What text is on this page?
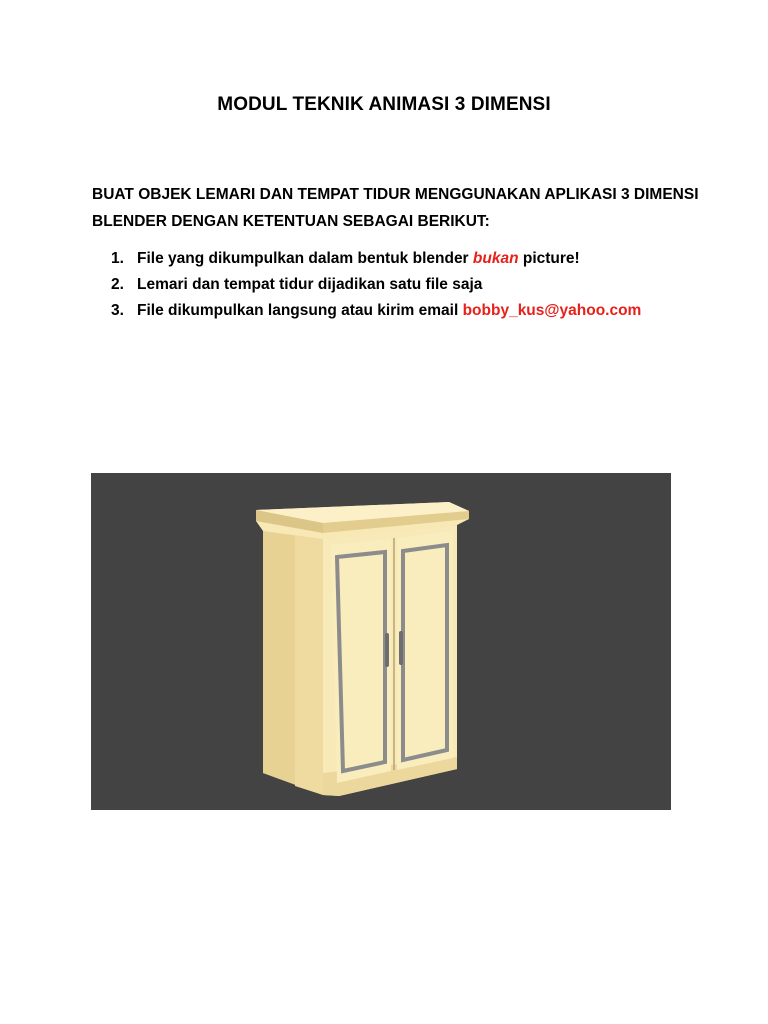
MODUL TEKNIK ANIMASI 3 DIMENSI
BUAT OBJEK LEMARI DAN TEMPAT TIDUR MENGGUNAKAN APLIKASI 3 DIMENSI
BLENDER DENGAN KETENTUAN SEBAGAI BERIKUT:
1. File yang dikumpulkan dalam bentuk blender bukan picture!
2. Lemari dan tempat tidur dijadikan satu file saja
3. File dikumpulkan langsung atau kirim email bobby_kus@yahoo.com
